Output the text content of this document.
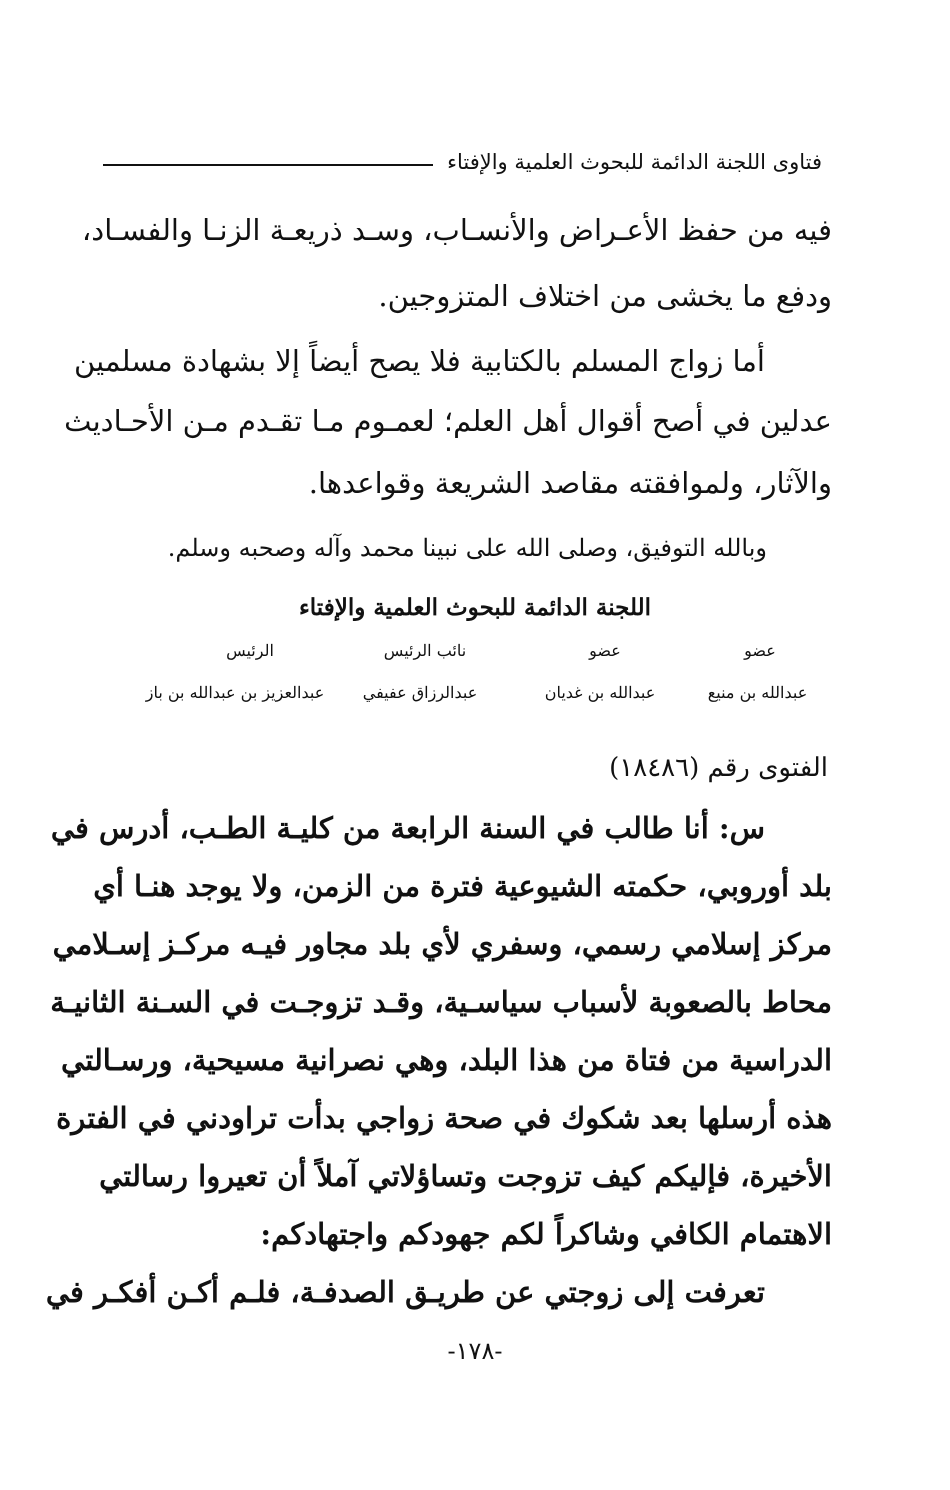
فتاوى اللجنة الدائمة للبحوث العلمية والإفتاء
فيه من حفظ الأعـراض والأنسـاب، وسـد ذريعـة الزنـا والفسـاد،
ودفع ما يخشى من اختلاف المتزوجين.
أما زواج المسلم بالكتابية فلا يصح أيضاً إلا بشهادة مسلمين
عدلين في أصح أقوال أهل العلم؛ لعمـوم مـا تقـدم مـن الأحـاديث
والآثار، ولموافقته مقاصد الشريعة وقواعدها.
وبالله التوفيق، وصلى الله على نبينا محمد وآله وصحبه وسلم.
اللجنة الدائمة للبحوث العلمية والإفتاء
الرئيس
عبدالعزيز بن عبدالله بن باز
نائب الرئيس
عبدالرزاق عفيفي
عضو
عبدالله بن غديان
عضو
عبدالله بن منيع
الفتوى رقم (١٨٤٨٦)
س: أنا طالب في السنة الرابعة من كليـة الطـب، أدرس في
بلد أوروبي، حكمته الشيوعية فترة من الزمن، ولا يوجد هنـا أي
مركز إسلامي رسمي، وسفري لأي بلد مجاور فيـه مركـز إسـلامي
محاط بالصعوبة لأسباب سياسـية، وقـد تزوجـت في السـنة الثانيـة
الدراسية من فتاة من هذا البلد، وهي نصرانية مسيحية، ورسـالتي
هذه أرسلها بعد شكوك في صحة زواجي بدأت تراودني في الفترة
الأخيرة، فإليكم كيف تزوجت وتساؤلاتي آملاً أن تعيروا رسالتي
الاهتمام الكافي وشاكراً لكم جهودكم واجتهادكم:
تعرفت إلى زوجتي عن طريـق الصدفـة، فلـم أكـن أفكـر في
-١٧٨-
